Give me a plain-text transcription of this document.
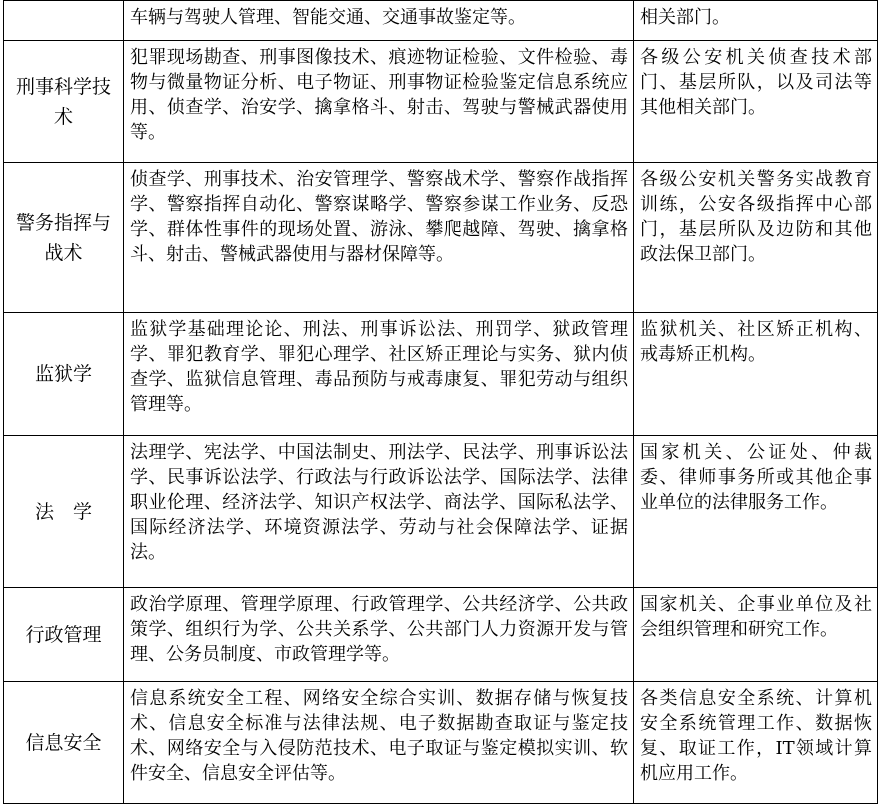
	车辆与驾驶人管理、智能交通、交通事故鉴定等。	相关部门。
刑事科学技术	犯罪现场勘查、刑事图像技术、痕迹物证检验、文件检验、毒物与微量物证分析、电子物证、刑事物证检验鉴定信息系统应用、侦查学、治安学、擒拿格斗、射击、驾驶与警械武器使用等。	各级公安机关侦查技术部门、基层所队，以及司法等其他相关部门。
警务指挥与战术	侦查学、刑事技术、治安管理学、警察战术学、警察作战指挥学、警察指挥自动化、警察谋略学、警察参谋工作业务、反恐学、群体性事件的现场处置、游泳、攀爬越障、驾驶、擒拿格斗、射击、警械武器使用与器材保障等。	各级公安机关警务实战教育训练，公安各级指挥中心部门，基层所队及边防和其他政法保卫部门。
监狱学	监狱学基础理论论、刑法、刑事诉讼法、刑罚学、狱政管理学、罪犯教育学、罪犯心理学、社区矫正理论与实务、狱内侦查学、监狱信息管理、毒品预防与戒毒康复、罪犯劳动与组织管理等。	监狱机关、社区矫正机构、戒毒矫正机构。
法　学	法理学、宪法学、中国法制史、刑法学、民法学、刑事诉讼法学、民事诉讼法学、行政法与行政诉讼法学、国际法学、法律职业伦理、经济法学、知识产权法学、商法学、国际私法学、国际经济法学、环境资源法学、劳动与社会保障法学、证据法。	国家机关、公证处、仲裁委、律师事务所或其他企事业单位的法律服务工作。
行政管理	政治学原理、管理学原理、行政管理学、公共经济学、公共政策学、组织行为学、公共关系学、公共部门人力资源开发与管理、公务员制度、市政管理学等。	国家机关、企事业单位及社会组织管理和研究工作。
信息安全	信息系统安全工程、网络安全综合实训、数据存储与恢复技术、信息安全标准与法律法规、电子数据勘查取证与鉴定技术、网络安全与入侵防范技术、电子取证与鉴定模拟实训、软件安全、信息安全评估等。	各类信息安全系统、计算机安全系统管理工作、数据恢复、取证工作，IT领域计算机应用工作。
